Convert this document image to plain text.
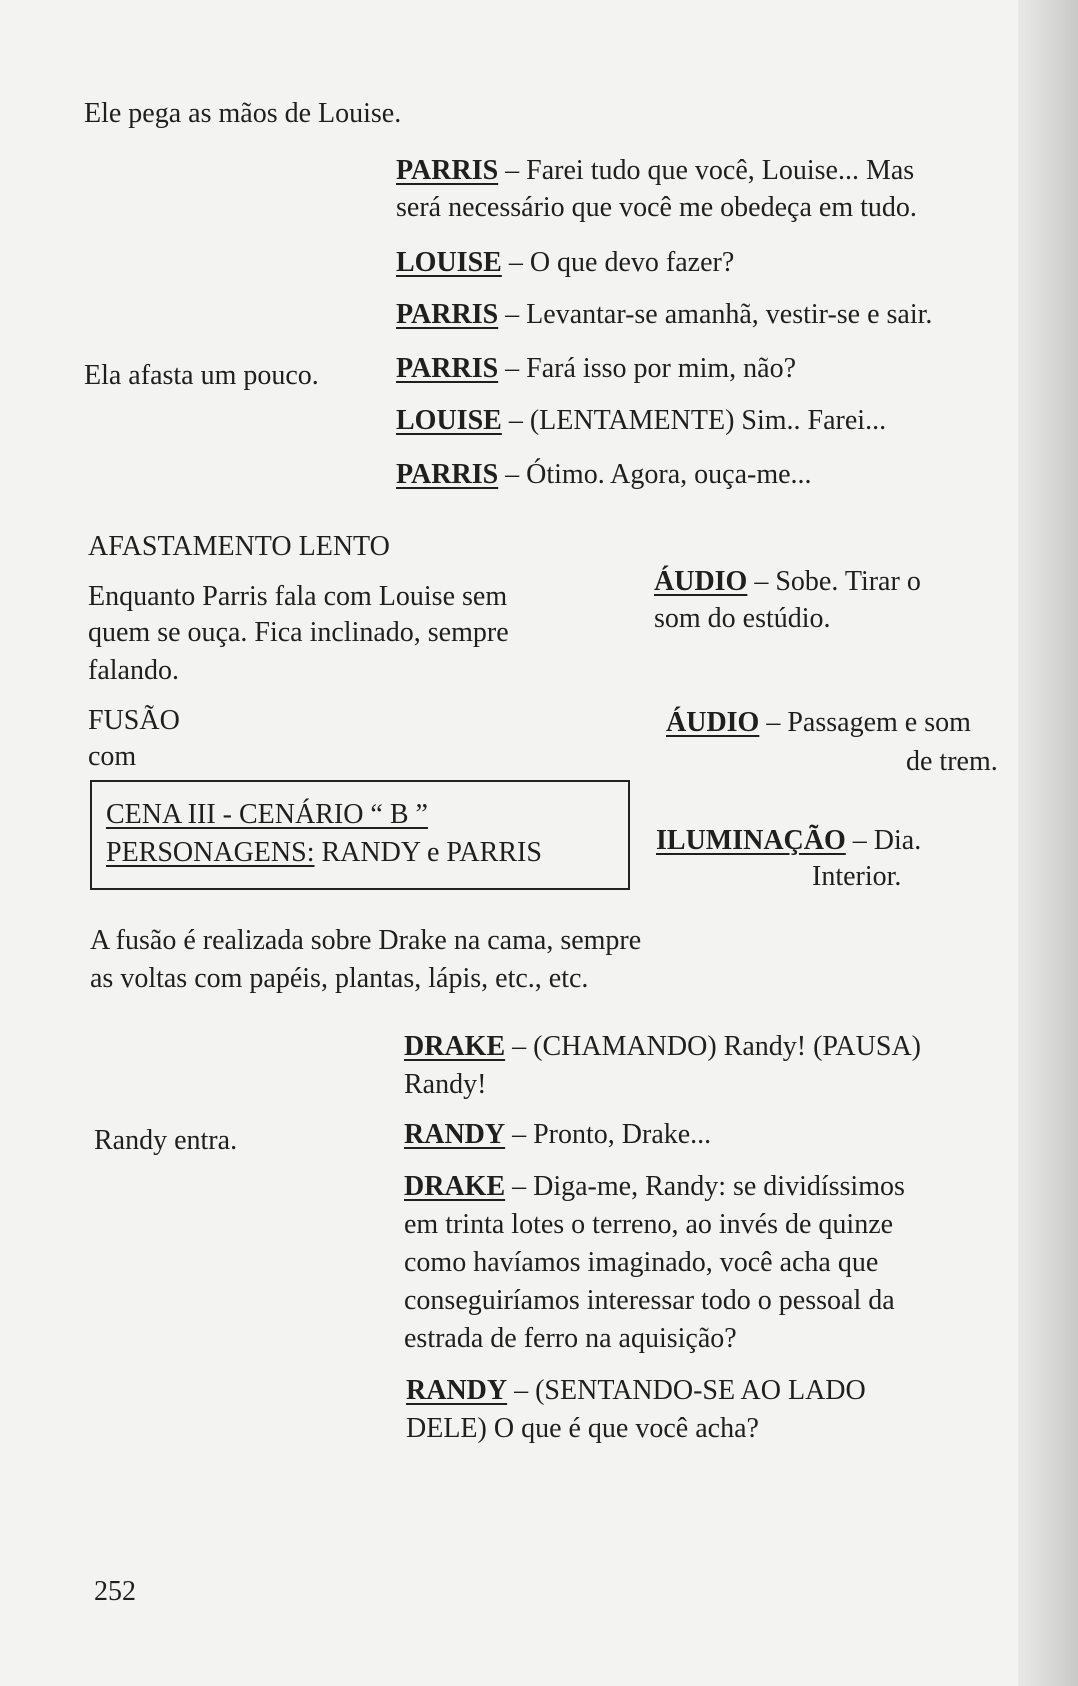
Ele pega as mãos de Louise.
Ela afasta um pouco.
AFASTAMENTO LENTO
Enquanto Parris fala com Louise sem
quem se ouça. Fica inclinado, sempre
falando.
FUSÃO
com
CENA III - CENÁRIO “ B ”
PERSONAGENS: RANDY e PARRIS
A fusão é realizada sobre Drake na cama, sempre
as voltas com papéis, plantas, lápis, etc., etc.
Randy entra.
PARRIS – Farei tudo que você, Louise... Mas
será necessário que você me obedeça em tudo.
LOUISE – O que devo fazer?
PARRIS – Levantar-se amanhã, vestir-se e sair.
PARRIS – Fará isso por mim, não?
LOUISE – (LENTAMENTE) Sim.. Farei...
PARRIS – Ótimo. Agora, ouça-me...
ÁUDIO – Sobe. Tirar o
som do estúdio.
ÁUDIO – Passagem e som
de trem.
ILUMINAÇÃO – Dia.
Interior.
DRAKE – (CHAMANDO) Randy! (PAUSA)
Randy!
RANDY – Pronto, Drake...
DRAKE – Diga-me, Randy: se dividíssimos
em trinta lotes o terreno, ao invés de quinze
como havíamos imaginado, você acha que
conseguiríamos interessar todo o pessoal da
estrada de ferro na aquisição?
RANDY – (SENTANDO-SE AO LADO
DELE) O que é que você acha?
252
